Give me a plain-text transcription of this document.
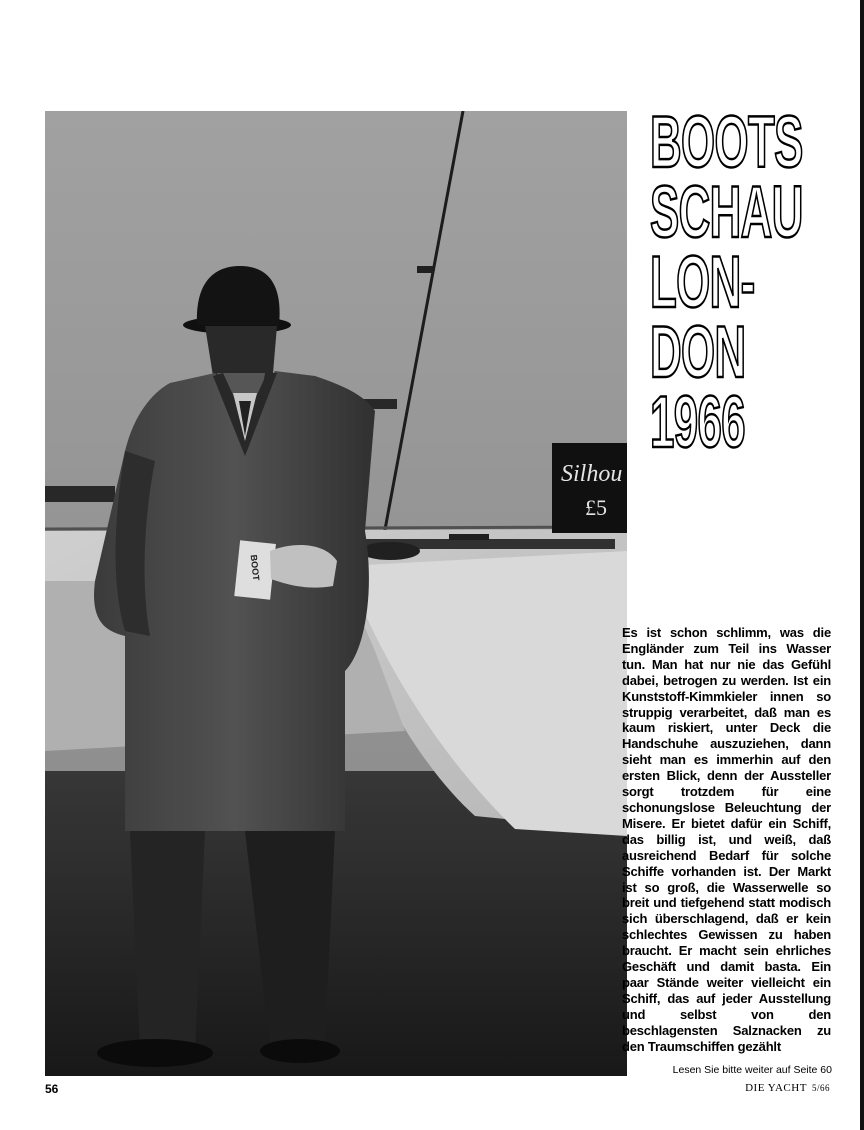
Silhou
£5
BOOT
BOOTS
SCHAU
LON-
DON
1966
Es ist schon schlimm, was die Engländer zum Teil ins Wasser tun. Man hat nur nie das Gefühl dabei, betrogen zu werden. Ist ein Kunststoff-Kimmkieler innen so struppig verarbeitet, daß man es kaum riskiert, unter Deck die Handschuhe auszuziehen, dann sieht man es immerhin auf den ersten Blick, denn der Aussteller sorgt trotzdem für eine schonungslose Beleuchtung der Misere. Er bietet dafür ein Schiff, das billig ist, und weiß, daß ausreichend Bedarf für solche Schiffe vorhanden ist. Der Markt ist so groß, die Wasserwelle so breit und tiefgehend statt modisch sich überschlagend, daß er kein schlechtes Gewissen zu haben braucht. Er macht sein ehrliches Geschäft und damit basta. Ein paar Stände weiter vielleicht ein Schiff, das auf jeder Ausstellung und selbst von den beschlagensten Salznacken zu den Traumschiffen gezählt
Lesen Sie bitte weiter auf Seite 60
56	DIE YACHT 5/66
